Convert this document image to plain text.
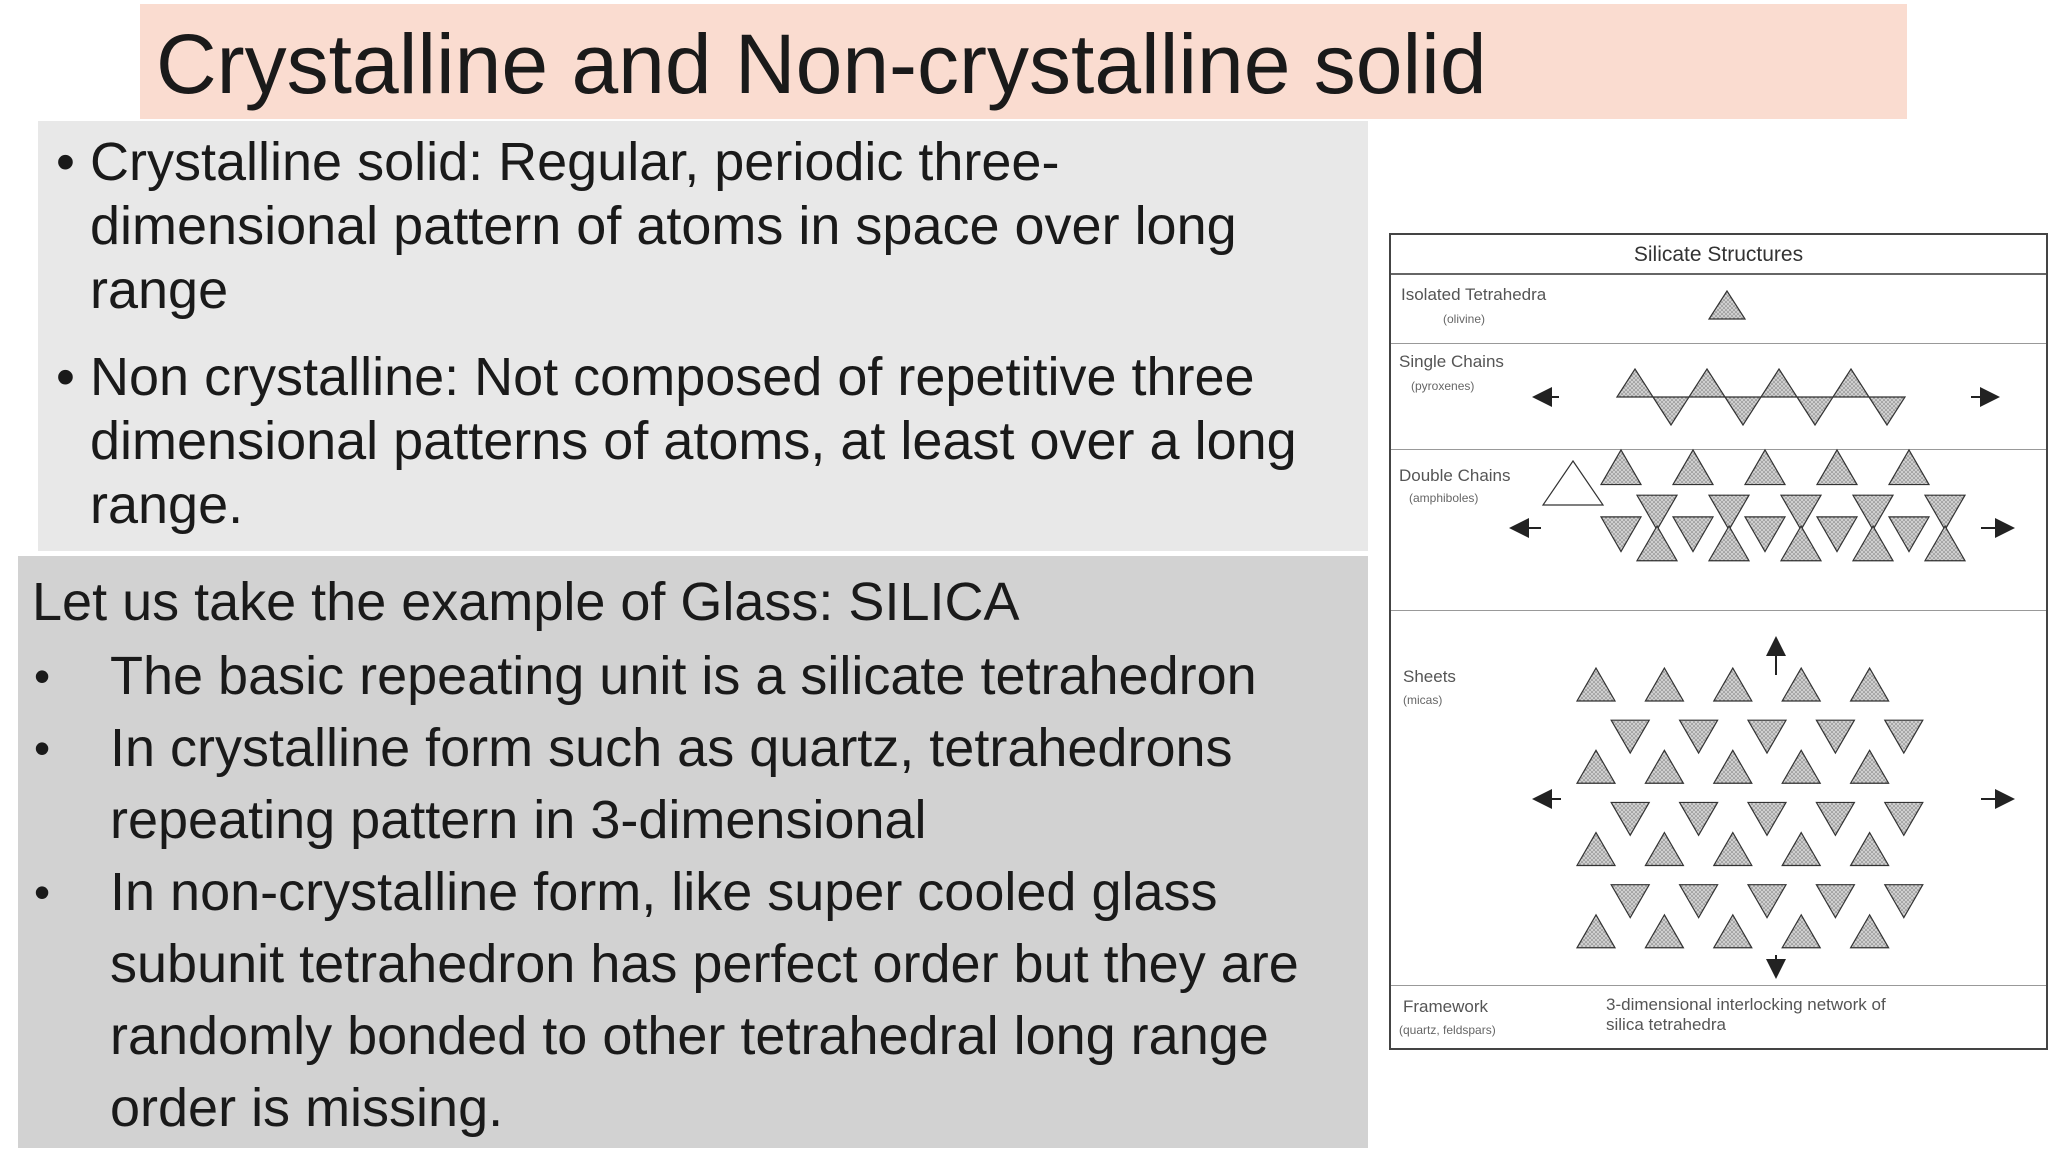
Crystalline and Non-crystalline solid
• Crystalline solid: Regular, periodic three-
dimensional pattern of atoms in space over long
range
• Non crystalline: Not composed of repetitive three
dimensional patterns of atoms, at least over a long
range.
Let us take the example of Glass: SILICA
• The basic repeating unit is a silicate tetrahedron
• In crystalline form such as quartz, tetrahedrons
repeating pattern in 3-dimensional
• In non-crystalline form, like super cooled glass
subunit tetrahedron has perfect order but they are
randomly bonded to other tetrahedral long range
order is missing.
Silicate Structures
Isolated Tetrahedra
(olivine)
Single Chains
(pyroxenes)
Double Chains
(amphiboles)
Sheets
(micas)
Framework
(quartz, feldspars)
3-dimensional interlocking network of
silica tetrahedra
